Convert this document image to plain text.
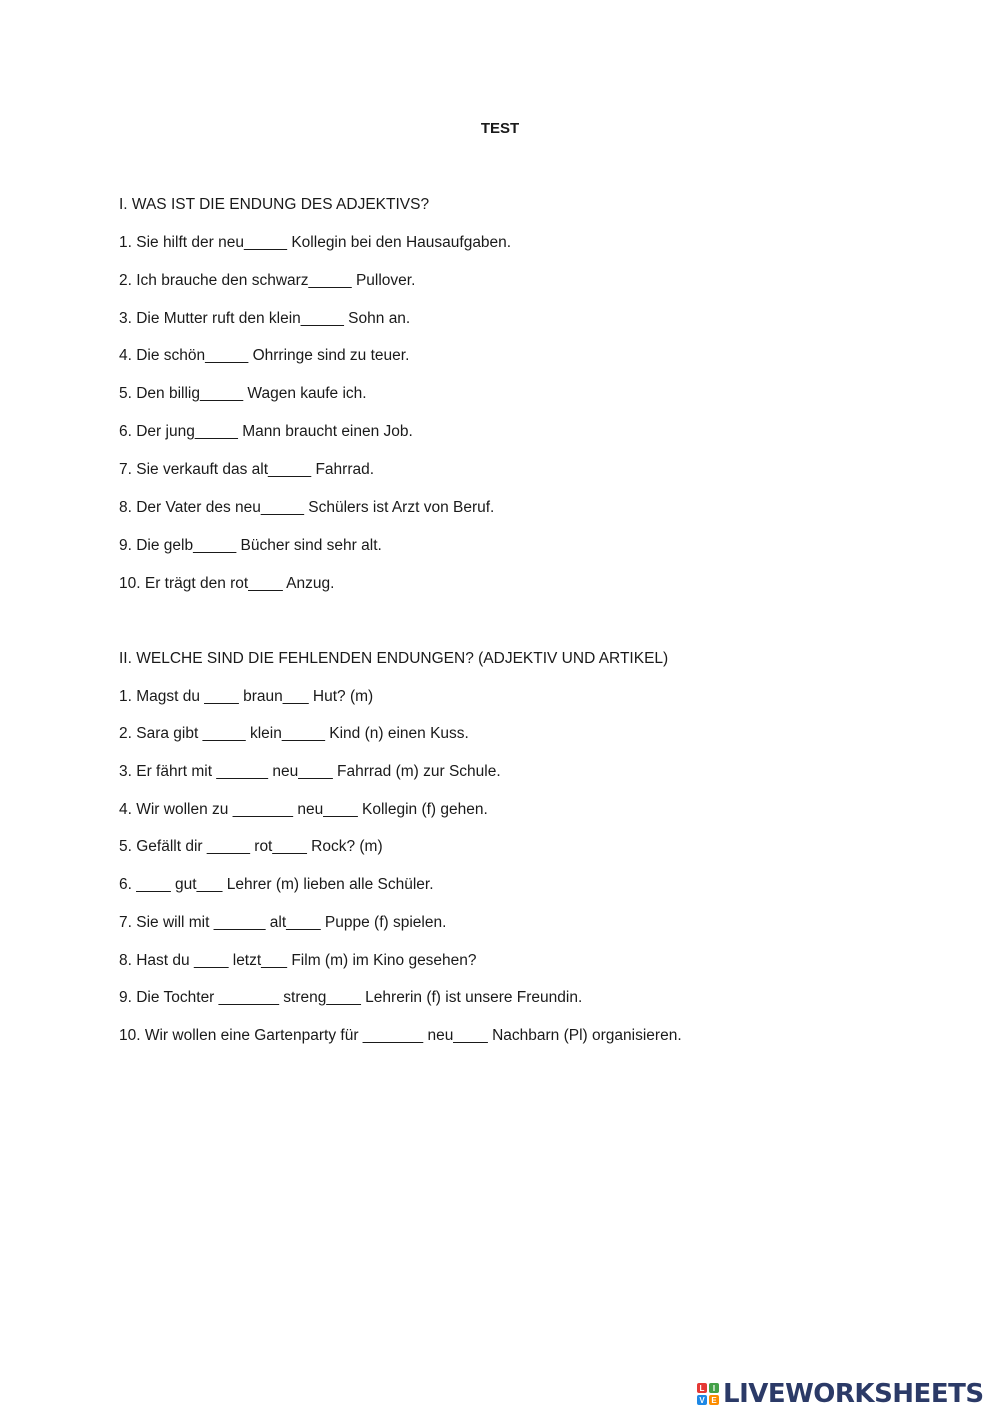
TEST
I. WAS IST DIE ENDUNG DES ADJEKTIVS?
1. Sie hilft der neu_____ Kollegin bei den Hausaufgaben.
2. Ich brauche den schwarz_____ Pullover.
3. Die Mutter ruft den klein_____ Sohn an.
4. Die schön_____ Ohrringe sind zu teuer.
5. Den billig_____ Wagen kaufe ich.
6. Der jung_____ Mann braucht einen Job.
7. Sie verkauft das alt_____ Fahrrad.
8. Der Vater des neu_____ Schülers ist Arzt von Beruf.
9. Die gelb_____ Bücher sind sehr alt.
10. Er trägt den rot____ Anzug.
II. WELCHE SIND DIE FEHLENDEN ENDUNGEN? (ADJEKTIV UND ARTIKEL)
1. Magst du ____ braun___ Hut? (m)
2. Sara gibt _____ klein_____ Kind (n) einen Kuss.
3. Er fährt mit ______ neu____ Fahrrad (m) zur Schule.
4. Wir wollen zu _______ neu____ Kollegin (f) gehen.
5. Gefällt dir _____ rot____ Rock? (m)
6. ____ gut___ Lehrer (m) lieben alle Schüler.
7. Sie will mit ______ alt____ Puppe (f) spielen.
8. Hast du ____ letzt___ Film (m) im Kino gesehen?
9. Die Tochter _______ streng____ Lehrerin (f) ist unsere Freundin.
10. Wir wollen eine Gartenparty für _______ neu____ Nachbarn (Pl) organisieren.
L	I
V E LIVEWORKSHEETS
